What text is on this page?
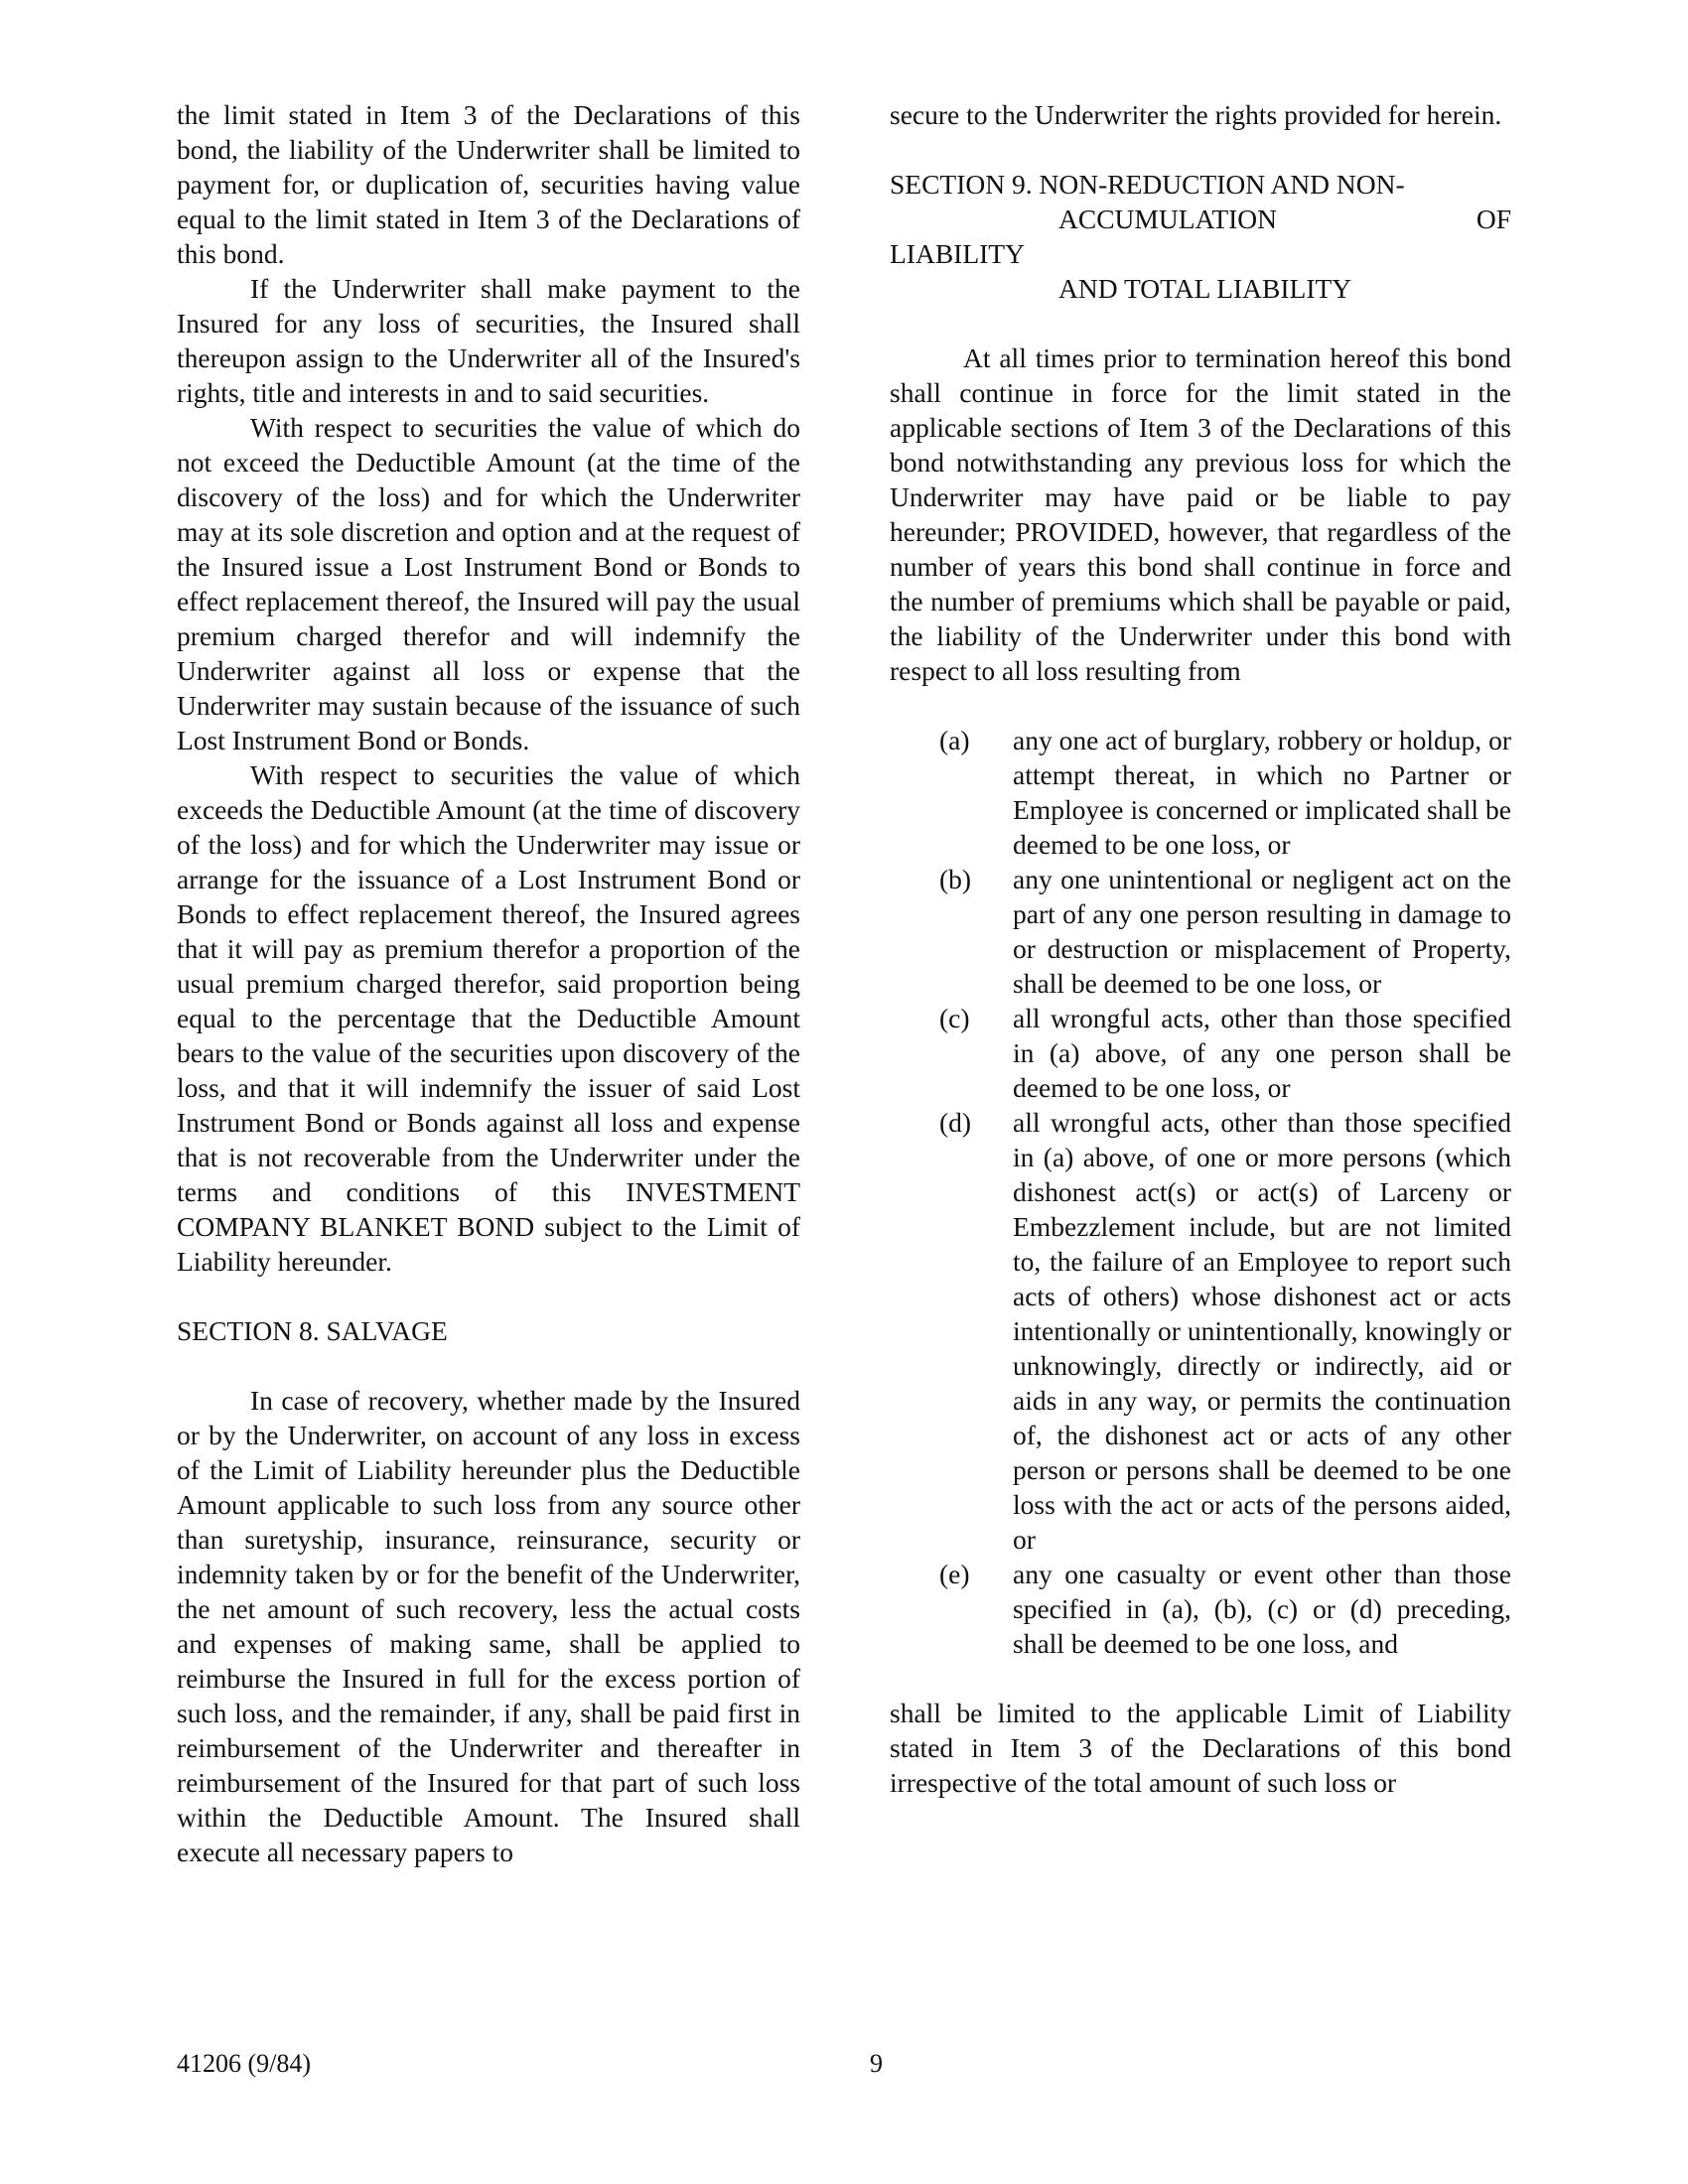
the limit stated in Item 3 of the Declarations of this bond, the liability of the Underwriter shall be limited to payment for, or duplication of, securities having value equal to the limit stated in Item 3 of the Declarations of this bond.

If the Underwriter shall make payment to the Insured for any loss of securities, the Insured shall thereupon assign to the Underwriter all of the Insured's rights, title and interests in and to said securities.

With respect to securities the value of which do not exceed the Deductible Amount (at the time of the discovery of the loss) and for which the Underwriter may at its sole discretion and option and at the request of the Insured issue a Lost Instrument Bond or Bonds to effect replacement thereof, the Insured will pay the usual premium charged therefor and will indemnify the Underwriter against all loss or expense that the Underwriter may sustain because of the issuance of such Lost Instrument Bond or Bonds.

With respect to securities the value of which exceeds the Deductible Amount (at the time of discovery of the loss) and for which the Underwriter may issue or arrange for the issuance of a Lost Instrument Bond or Bonds to effect replacement thereof, the Insured agrees that it will pay as premium therefor a proportion of the usual premium charged therefor, said proportion being equal to the percentage that the Deductible Amount bears to the value of the securities upon discovery of the loss, and that it will indemnify the issuer of said Lost Instrument Bond or Bonds against all loss and expense that is not recoverable from the Underwriter under the terms and conditions of this INVESTMENT COMPANY BLANKET BOND subject to the Limit of Liability hereunder.

SECTION 8. SALVAGE

In case of recovery, whether made by the Insured or by the Underwriter, on account of any loss in excess of the Limit of Liability hereunder plus the Deductible Amount applicable to such loss from any source other than suretyship, insurance, reinsurance, security or indemnity taken by or for the benefit of the Underwriter, the net amount of such recovery, less the actual costs and expenses of making same, shall be applied to reimburse the Insured in full for the excess portion of such loss, and the remainder, if any, shall be paid first in reimbursement of the Underwriter and thereafter in reimbursement of the Insured for that part of such loss within the Deductible Amount. The Insured shall execute all necessary papers to

secure to the Underwriter the rights provided for herein.

SECTION 9. NON-REDUCTION AND NON-
ACCUMULATION	OF
LIABILITY
AND TOTAL LIABILITY

At all times prior to termination hereof this bond shall continue in force for the limit stated in the applicable sections of Item 3 of the Declarations of this bond notwithstanding any previous loss for which the Underwriter may have paid or be liable to pay hereunder; PROVIDED, however, that regardless of the number of years this bond shall continue in force and the number of premiums which shall be payable or paid, the liability of the Underwriter under this bond with respect to all loss resulting from

(a)	any one act of burglary, robbery or holdup, or attempt thereat, in which no Partner or Employee is concerned or implicated shall be deemed to be one loss, or
(b)	any one unintentional or negligent act on the part of any one person resulting in damage to or destruction or misplacement of Property, shall be deemed to be one loss, or
(c)	all wrongful acts, other than those specified in (a) above, of any one person shall be deemed to be one loss, or
(d)	all wrongful acts, other than those specified in (a) above, of one or more persons (which dishonest act(s) or act(s) of Larceny or Embezzlement include, but are not limited to, the failure of an Employee to report such acts of others) whose dishonest act or acts intentionally or unintentionally, knowingly or unknowingly, directly or indirectly, aid or aids in any way, or permits the continuation of, the dishonest act or acts of any other person or persons shall be deemed to be one loss with the act or acts of the persons aided, or
(e)	any one casualty or event other than those specified in (a), (b), (c) or (d) preceding, shall be deemed to be one loss, and

shall be limited to the applicable Limit of Liability stated in Item 3 of the Declarations of this bond irrespective of the total amount of such loss or

41206 (9/84)	9
